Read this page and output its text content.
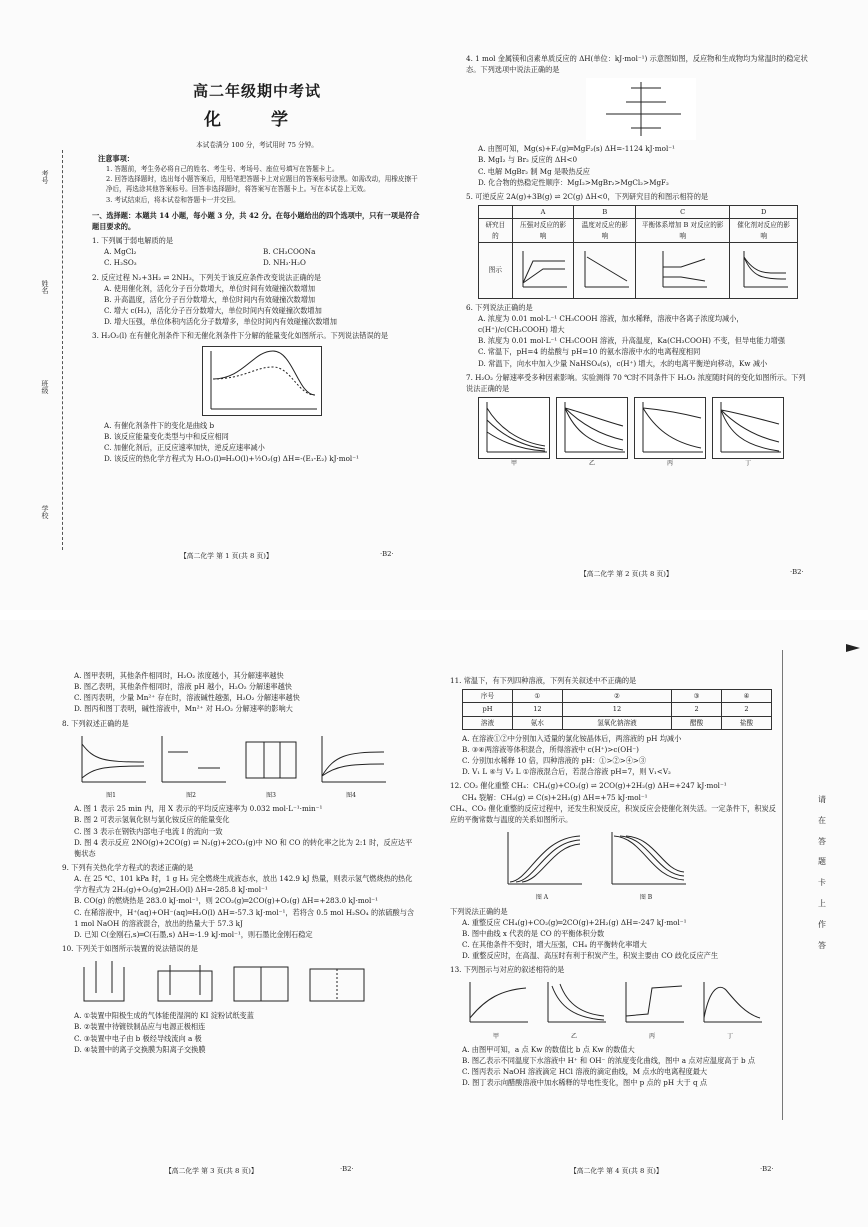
考号
姓名
班级
学校
高二年级期中考试
化 学
本试卷满分 100 分，考试用时 75 分钟。
注意事项：
1. 答题前，考生务必将自己的姓名、考生号、考场号、座位号填写在答题卡上。
2. 回答选择题时，选出每小题答案后，用铅笔把答题卡上对应题目的答案标号涂黑。如需改动，用橡皮擦干净后，再选涂其他答案标号。回答非选择题时，将答案写在答题卡上。写在本试卷上无效。
3. 考试结束后，将本试卷和答题卡一并交回。
一、选择题：本题共 14 小题，每小题 3 分，共 42 分。在每小题给出的四个选项中，只有一项是符合题目要求的。
1. 下列属于弱电解质的是
A. MgCl₂	B. CH₃COONa
C. H₂SO₃	D. NH₃·H₂O
2. 反应过程 N₂+3H₂ ⇌ 2NH₃，下列关于该反应条件改变说法正确的是
A. 使用催化剂，活化分子百分数增大，单位时间有效碰撞次数增加
B. 升高温度，活化分子百分数增大，单位时间内有效碰撞次数增加
C. 增大 c(H₂)，活化分子百分数增大，单位时间内有效碰撞次数增加
D. 增大压强，单位体积内活化分子数增多，单位时间内有效碰撞次数增加
3. H₂O₂(l) 在有催化剂条件下和无催化剂条件下分解的能量变化如图所示。下列说法错误的是
A. 有催化剂条件下的变化是曲线 b
B. 该反应能量变化类型与中和反应相同
C. 加催化剂后，正反应速率加快，逆反应速率减小
D. 该反应的热化学方程式为 H₂O₂(l)═H₂O(l)+½O₂(g) ΔH=-(E₁-E₂) kJ·mol⁻¹
【高二化学 第 1 页(共 8 页)】	·B2·
4. 1 mol 金属镁和卤素单质反应的 ΔH(单位：kJ·mol⁻¹) 示意图如图，反应物和生成物均为常温时的稳定状态。下列选项中说法正确的是
A. 由图可知，Mg(s)+F₂(g)═MgF₂(s) ΔH=-1124 kJ·mol⁻¹
B. MgI₂ 与 Br₂ 反应的 ΔH<0
C. 电解 MgBr₂ 制 Mg 是吸热反应
D. 化合物的热稳定性顺序：MgI₂>MgBr₂>MgCl₂>MgF₂
5. 可逆反应 2A(g)+3B(g) ⇌ 2C(g) ΔH<0，下列研究目的和图示相符的是
	A	B	C	D
研究目的	压强对反应的影响	温度对反应的影响	平衡体系增加 B 对反应的影响	催化剂对反应的影响
图示				
6. 下列说法正确的是
A. 浓度为 0.01 mol·L⁻¹ CH₃COOH 溶液，加水稀释，溶液中各离子浓度均减小，c(H⁺)/c(CH₃COOH) 增大
B. 浓度为 0.01 mol·L⁻¹ CH₃COOH 溶液，升高温度，Ka(CH₃COOH) 不变，但导电能力增强
C. 常温下，pH=4 的盐酸与 pH=10 的氨水溶液中水的电离程度相同
D. 常温下，向水中加入少量 NaHSO₄(s)，c(H⁺) 增大，水的电离平衡逆向移动，Kw 减小
7. H₂O₂ 分解速率受多种因素影响。实验测得 70 ℃时不同条件下 H₂O₂ 浓度随时间的变化如图所示。下列说法正确的是
甲	乙	丙	丁
【高二化学 第 2 页(共 8 页)】	·B2·
A. 图甲表明，其他条件相同时，H₂O₂ 浓度越小，其分解速率越快
B. 图乙表明，其他条件相同时，溶液 pH 越小，H₂O₂ 分解速率越快
C. 图丙表明，少量 Mn²⁺ 存在时，溶液碱性越强，H₂O₂ 分解速率越快
D. 图丙和图丁表明，碱性溶液中，Mn²⁺ 对 H₂O₂ 分解速率的影响大
8. 下列叙述正确的是
图1	图2	图3	图4
A. 图 1 表示 25 min 内，用 X 表示的平均反应速率为 0.032 mol·L⁻¹·min⁻¹
B. 图 2 可表示氢氧化钡与氯化铵反应的能量变化
C. 图 3 表示在钢铁内部电子电流 I 的流向一致
D. 图 4 表示反应 2NO(g)+2CO(g) ⇌ N₂(g)+2CO₂(g)中 NO 和 CO 的转化率之比为 2:1 时，反应达平衡状态
9. 下列有关热化学方程式的表述正确的是
A. 在 25 ℃、101 kPa 时，1 g H₂ 完全燃烧生成液态水，放出 142.9 kJ 热量，则表示氢气燃烧热的热化学方程式为 2H₂(g)+O₂(g)═2H₂O(l) ΔH=-285.8 kJ·mol⁻¹
B. CO(g) 的燃烧热是 283.0 kJ·mol⁻¹，则 2CO₂(g)═2CO(g)+O₂(g) ΔH=+283.0 kJ·mol⁻¹
C. 在稀溶液中，H⁺(aq)+OH⁻(aq)═H₂O(l) ΔH=-57.3 kJ·mol⁻¹，若将含 0.5 mol H₂SO₄ 的浓硫酸与含 1 mol NaOH 的溶液混合，放出的热量大于 57.3 kJ
D. 已知 C(金刚石,s)═C(石墨,s) ΔH=-1.9 kJ·mol⁻¹，则石墨比金刚石稳定
10. 下列关于如图所示装置的说法错误的是
A. ①装置中阳极生成的气体能使湿润的 KI 淀粉试纸变蓝
B. ②装置中待镀铁制品应与电源正极相连
C. ③装置中电子由 b 极经导线流向 a 极
D. ④装置中的离子交换膜为阳离子交换膜
【高二化学 第 3 页(共 8 页)】	·B2·
11. 常温下，有下列四种溶液，下列有关叙述中不正确的是
序号	①	②	③	④
pH	12	12	2	2
溶液	氨水	氢氧化钠溶液	醋酸	盐酸
A. 在溶液①②中分别加入适量的氯化铵晶体后，两溶液的 pH 均减小
B. ③④两溶液等体积混合，所得溶液中 c(H⁺)>c(OH⁻)
C. 分别加水稀释 10 倍，四种溶液的 pH：①>②>④>③
D. V₁ L ④与 V₂ L ①溶液混合后，若混合溶液 pH=7，则 V₁<V₂
12. CO₂ 催化重整 CH₄：CH₄(g)+CO₂(g) ⇌ 2CO(g)+2H₂(g) ΔH=+247 kJ·mol⁻¹
CH₄ 裂解：CH₄(g) ⇌ C(s)+2H₂(g) ΔH=+75 kJ·mol⁻¹
CH₄、CO₂ 催化重整的反应过程中，还发生积炭反应，积炭反应会使催化剂失活。一定条件下，积炭反应的平衡常数与温度的关系如图所示。
图 A	图 B
下列说法正确的是
A. 重整反应 CH₄(g)+CO₂(g)═2CO(g)+2H₂(g) ΔH=-247 kJ·mol⁻¹
B. 图中曲线 x 代表的是 CO 的平衡体积分数
C. 在其他条件不变时，增大压强，CH₄ 的平衡转化率增大
D. 重整反应时，在高温、高压时有利于积炭产生，积炭主要由 CO 歧化反应产生
13. 下列图示与对应的叙述相符的是
甲	乙	丙	丁
A. 由图甲可知，a 点 Kw 的数值比 b 点 Kw 的数值大
B. 图乙表示不同温度下水溶液中 H⁺ 和 OH⁻ 的浓度变化曲线，图中 a 点对应温度高于 b 点
C. 图丙表示 NaOH 溶液滴定 HCl 溶液的滴定曲线，M 点水的电离程度最大
D. 图丁表示向醋酸溶液中加水稀释的导电性变化，图中 p 点的 pH 大于 q 点
【高二化学 第 4 页(共 8 页)】	·B2·
请
在
答
题
卡
上
作
答
